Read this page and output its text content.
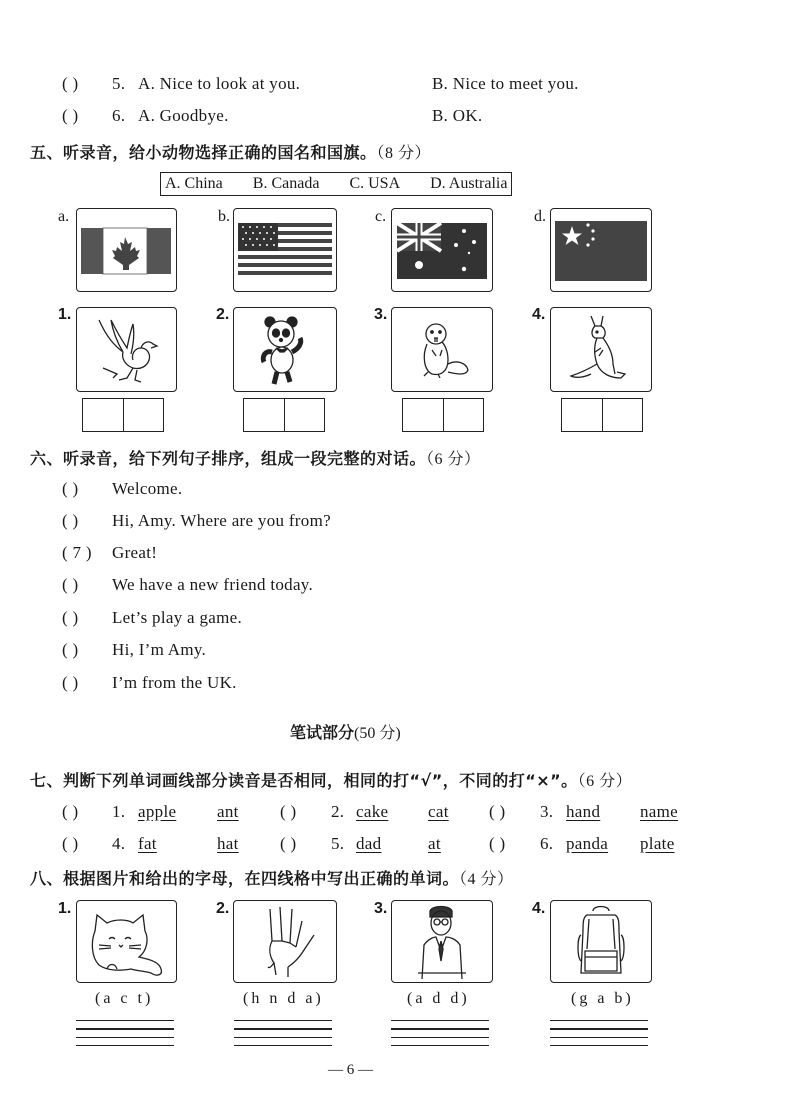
( ) 5. A. Nice to look at you.	B. Nice to meet you.
( ) 6. A. Goodbye.	B. OK.
五、听录音，给小动物选择正确的国名和国旗。（8 分）
A. China B. Canada C. USA D. Australia
a.	b.	c.	d.
1.	2.	3.	4.
六、听录音，给下列句子排序，组成一段完整的对话。（6 分）
( ) Welcome.
( ) Hi, Amy. Where are you from?
( 7 ) Great!
( ) We have a new friend today.
( ) Let’s play a game.
( ) Hi, I’m Amy.
( ) I’m from the UK.
笔试部分(50 分)
七、判断下列单词画线部分读音是否相同，相同的打“√”，不同的打“×”。（6 分）
( ) 1. apple ant ( ) 2. cake cat ( ) 3. hand name
( ) 4. fat	hat ( ) 5. dad	at	( ) 6. panda plate
八、根据图片和给出的字母，在四线格中写出正确的单词。（4 分）
1.	2.	3.	4.
(a c t)	(h n d a)	(a d d)	(g a b)
— 6 —
